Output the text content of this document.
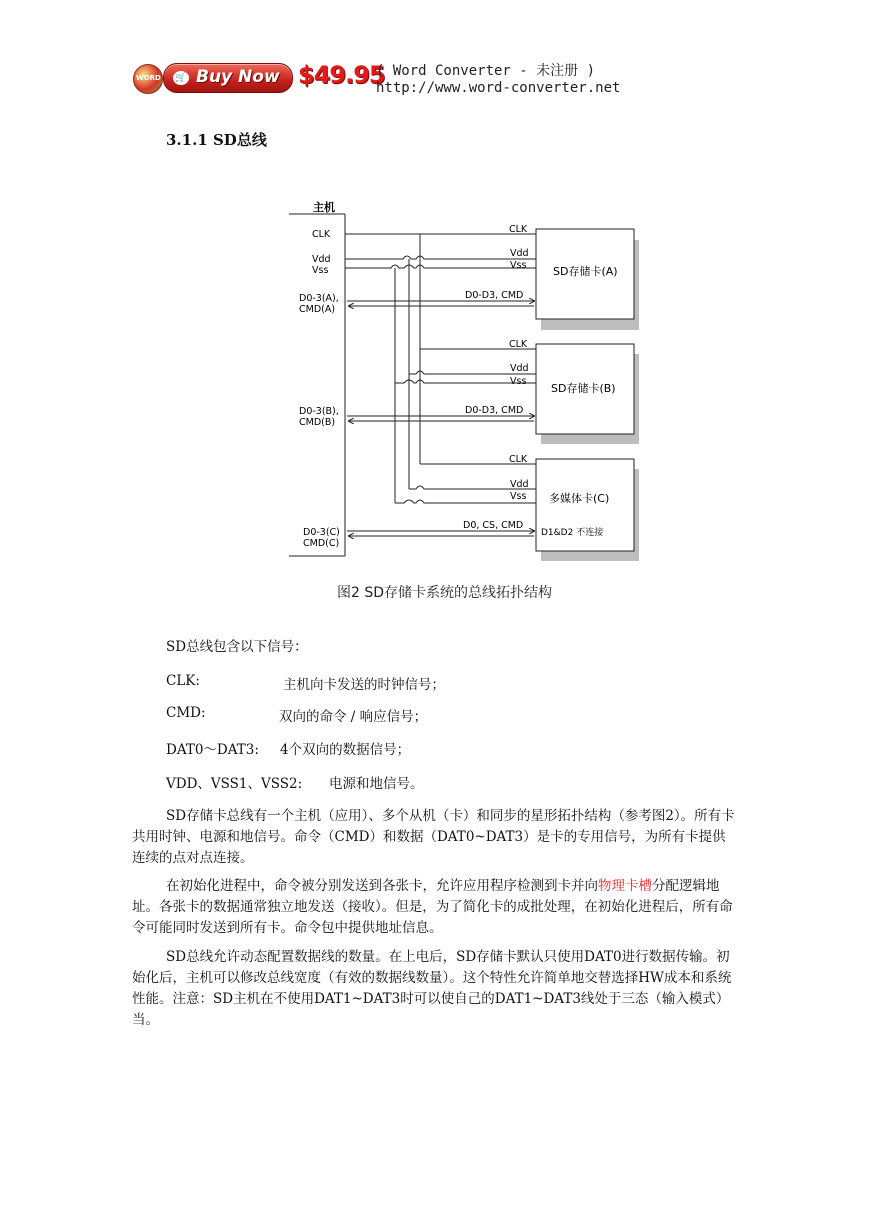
WORD 🛒 Buy Now $49.95
( Word Converter - 未注册 ) http://www.word-converter.net
3.1.1 SD总线
主机
CLK
Vdd
Vss
D0-3(A),
CMD(A)
D0-3(B),
CMD(B)
D0-3(C)
CMD(C)
CLK
Vdd
Vss
D0-D3, CMD
SD存储卡(A)
CLK
Vdd
Vss
D0-D3, CMD
SD存储卡(B)
CLK
Vdd
Vss
D0, CS, CMD
多媒体卡(C)
D1&D2 不连接
图2 SD存储卡系统的总线拓扑结构
SD总线包含以下信号：
CLK:	主机向卡发送的时钟信号；
CMD:	双向的命令 / 响应信号；
DAT0～DAT3: 4个双向的数据信号；
VDD、VSS1、VSS2: 电源和地信号。
SD存储卡总线有一个主机（应用）、多个从机（卡）和同步的星形拓扑结构（参考图2）。所有卡共用时钟、电源和地信号。命令（CMD）和数据（DAT0~DAT3）是卡的专用信号，为所有卡提供连续的点对点连接。
在初始化进程中，命令被分别发送到各张卡，允许应用程序检测到卡并向物理卡槽分配逻辑地址。各张卡的数据通常独立地发送（接收）。但是，为了简化卡的成批处理，在初始化进程后，所有命令可能同时发送到所有卡。命令包中提供地址信息。
SD总线允许动态配置数据线的数量。在上电后，SD存储卡默认只使用DAT0进行数据传输。初始化后，主机可以修改总线宽度（有效的数据线数量）。这个特性允许简单地交替选择HW成本和系统性能。注意：SD主机在不使用DAT1~DAT3时可以使自己的DAT1~DAT3线处于三态（输入模式）当。
